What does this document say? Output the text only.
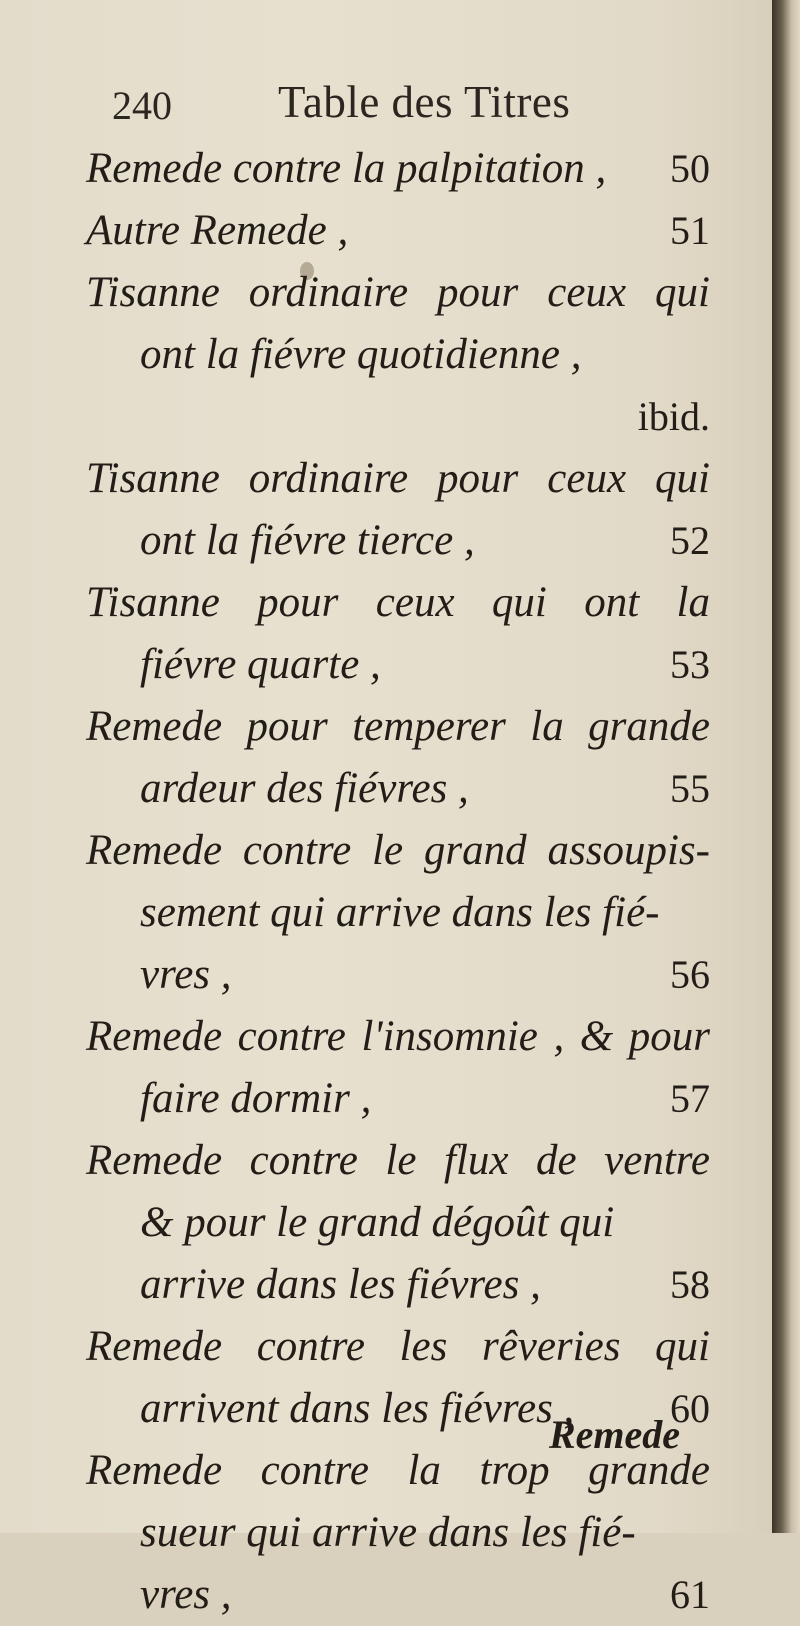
240 Table des Titres
Remede contre la palpitation , 50
Autre Remede ,	51
Tisanne ordinaire pour ceux qui
ont la fiévre quotidienne ,
ibid.
Tisanne ordinaire pour ceux qui
ont la fiévre tierce ,	52
Tisanne pour ceux qui ont la
fiévre quarte ,	53
Remede pour temperer la grande
ardeur des fiévres ,	55
Remede contre le grand assoupis-
sement qui arrive dans les fié-
vres ,	56
Remede contre l'insomnie , & pour
faire dormir ,	57
Remede contre le flux de ventre
& pour le grand dégoût qui
arrive dans les fiévres ,	58
Remede contre les rêveries qui
arrivent dans les fiévres , 60
Remede contre la trop grande
sueur qui arrive dans les fié-
vres ,	61
Remede
